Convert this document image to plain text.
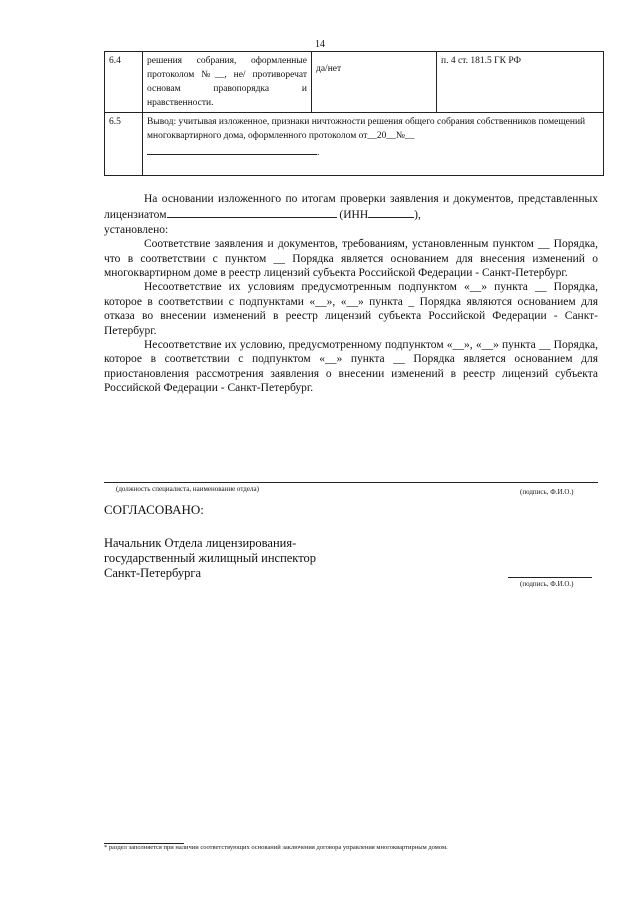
14
6.4	решения собрания, оформленные протоколом №__, не/ противоречат основам правопорядка и нравственности.	да/нет	п. 4 ст. 181.5 ГК РФ
6.5	Вывод: учитывая изложенное, признаки ничтожности решения общего собрания собственников помещений многоквартирного дома, оформленного протоколом от__20__№__
.		

На основании изложенного по итогам проверки заявления и документов, представленных лицензиатом	(ИНН	),

установлено:

Соответствие заявления и документов, требованиям, установленным пунктом __ Порядка, что в соответствии с пунктом __ Порядка является основанием для внесения изменений о многоквартирном доме в реестр лицензий субъекта Российской Федерации - Санкт-Петербург.

Несоответствие их условиям предусмотренным подпунктом «__» пункта __ Порядка, которое в соответствии с подпунктами «__», «__» пункта _ Порядка являются основанием для отказа во внесении изменений в реестр лицензий субъекта Российской Федерации - Санкт-Петербург.

Несоответствие их условию, предусмотренному подпунктом «__», «__» пункта __ Порядка, которое в соответствии с подпунктом «__» пункта __ Порядка является основанием для приостановления рассмотрения заявления о внесении изменений в реестр лицензий субъекта Российской Федерации - Санкт-Петербург.

(должность специалиста, наименование отдела)	(подпись, Ф.И.О.)
СОГЛАСОВАНО:
Начальник Отдела лицензирования-
государственный жилищный инспектор
Санкт-Петербурга
(подпись, Ф.И.О.)
* раздел заполняется при наличии соответствующих оснований заключения договора управления многоквартирным домом.
